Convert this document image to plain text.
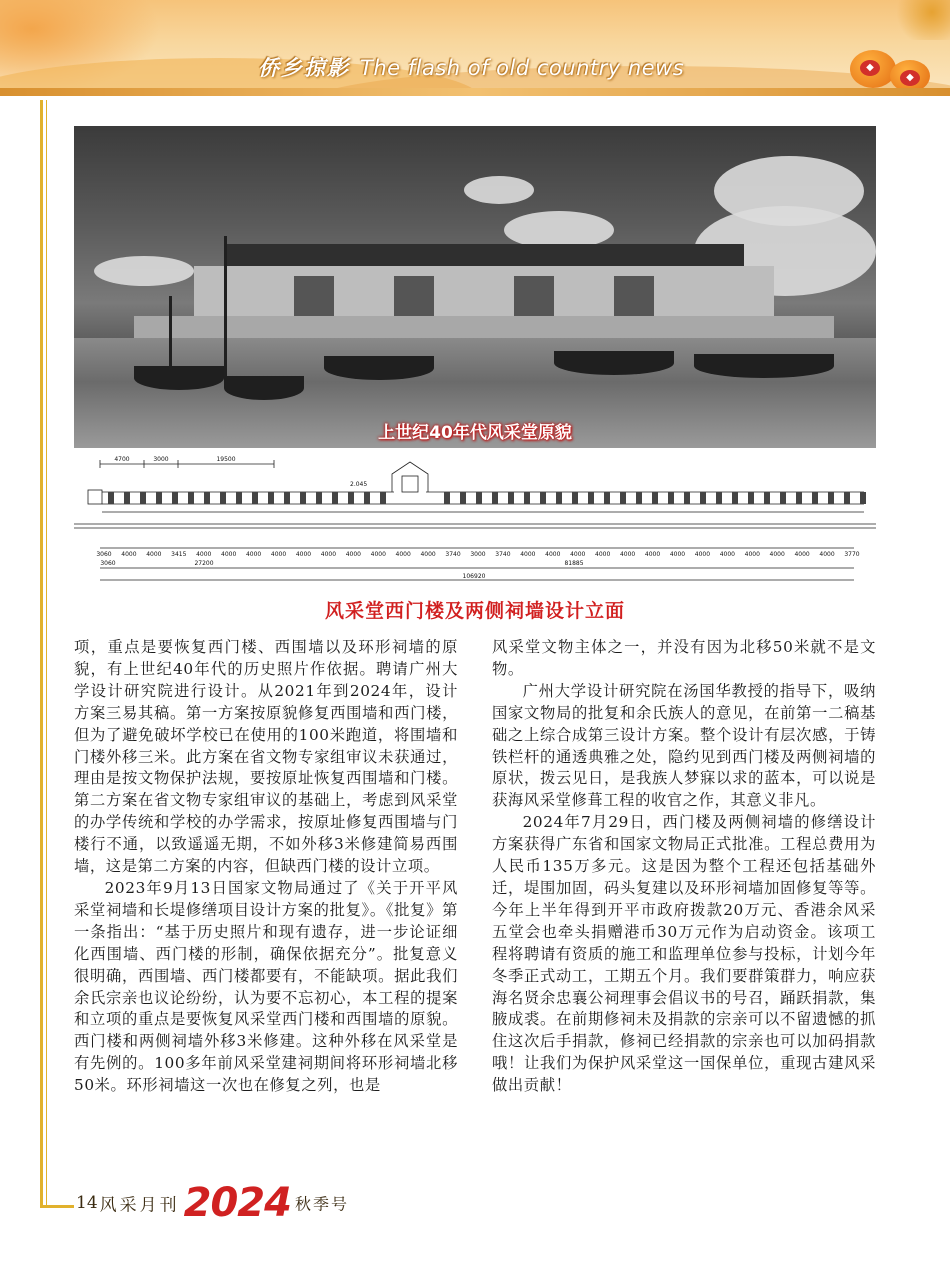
◆
◆
侨乡掠影 The flash of old country news
上世纪40年代风采堂原貌
4700	3000	19500
2.045
3060 4000 4000 3415 4000 4000 4000 4000 4000 4000 4000 4000 4000 4000 3740 3000 3740 4000 4000 4000 4000 4000 4000 4000 4000 4000 4000 4000 4000 4000 3770
3060	27200	81885
106920
风采堂西门楼及两侧祠墙设计立面

项，重点是要恢复西门楼、西围墙以及环形祠墙的原貌，有上世纪40年代的历史照片作依据。聘请广州大学设计研究院进行设计。从2021年到2024年，设计方案三易其稿。第一方案按原貌修复西围墙和西门楼，但为了避免破坏学校已在使用的100米跑道，将围墙和门楼外移三米。此方案在省文物专家组审议未获通过，理由是按文物保护法规，要按原址恢复西围墙和门楼。第二方案在省文物专家组审议的基础上，考虑到风采堂的办学传统和学校的办学需求，按原址修复西围墙与门楼行不通，以致遥遥无期，不如外移3米修建简易西围墙，这是第二方案的内容，但缺西门楼的设计立项。

2023年9月13日国家文物局通过了《关于开平风采堂祠墙和长堤修缮项目设计方案的批复》。《批复》第一条指出：“基于历史照片和现有遗存，进一步论证细化西围墙、西门楼的形制，确保依据充分”。批复意义很明确，西围墙、西门楼都要有，不能缺项。据此我们余氏宗亲也议论纷纷，认为要不忘初心，本工程的提案和立项的重点是要恢复风采堂西门楼和西围墙的原貌。西门楼和两侧祠墙外移3米修建。这种外移在风采堂是有先例的。100多年前风采堂建祠期间将环形祠墙北移50米。环形祠墙这一次也在修复之列，也是

风采堂文物主体之一，并没有因为北移50米就不是文物。

广州大学设计研究院在汤国华教授的指导下，吸纳国家文物局的批复和余氏族人的意见，在前第一二稿基础之上综合成第三设计方案。整个设计有层次感，于铸铁栏杆的通透典雅之处，隐约见到西门楼及两侧祠墙的原状，拨云见日，是我族人梦寐以求的蓝本，可以说是获海风采堂修葺工程的收官之作，其意义非凡。

2024年7月29日，西门楼及两侧祠墙的修缮设计方案获得广东省和国家文物局正式批准。工程总费用为人民币135万多元。这是因为整个工程还包括基础外迁，堤围加固，码头复建以及环形祠墙加固修复等等。今年上半年得到开平市政府拨款20万元、香港余风采五堂会也牵头捐赠港币30万元作为启动资金。该项工程将聘请有资质的施工和监理单位参与投标，计划今年冬季正式动工，工期五个月。我们要群策群力，响应获海名贤余忠襄公祠理事会倡议书的号召，踊跃捐款，集腋成裘。在前期修祠未及捐款的宗亲可以不留遗憾的抓住这次后手捐款，修祠已经捐款的宗亲也可以加码捐款哦！让我们为保护风采堂这一国保单位，重现古建风采做出贡献！

14 风采月刊 2024 秋季号
